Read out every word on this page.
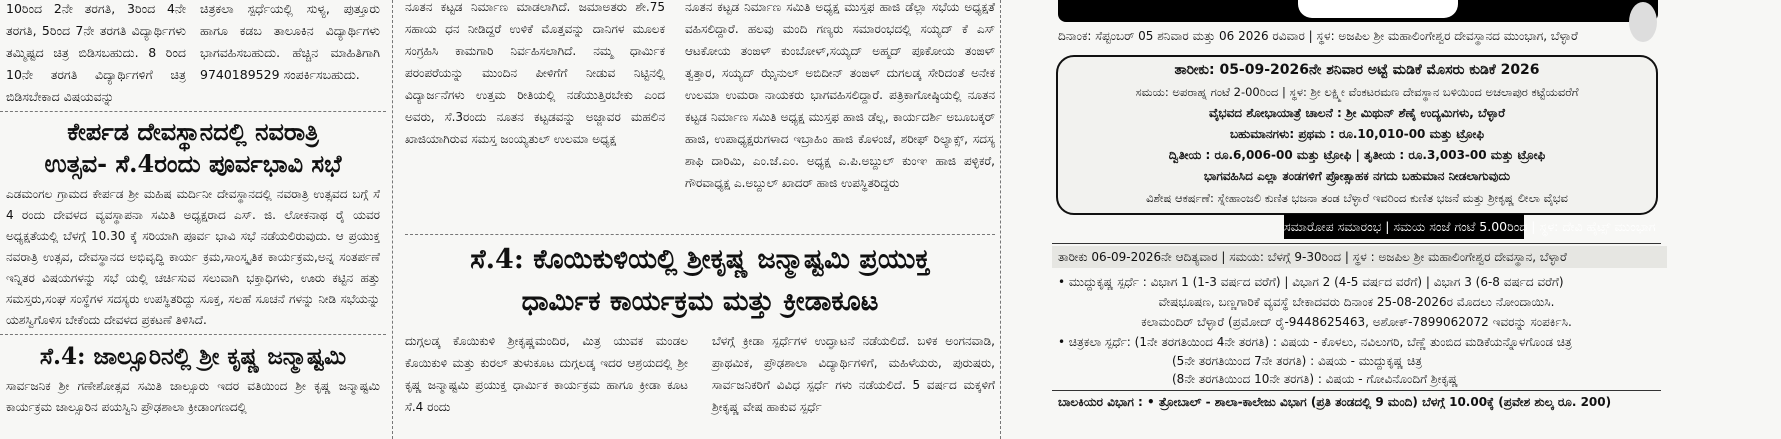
10ರಿಂದ 2ನೇ ತರಗತಿ, 3ರಿಂದ 4ನೇ ತರಗತಿ, 5ರಿಂದ 7ನೇ ತರಗತಿ ವಿದ್ಯಾರ್ಥಿಗಳು ತಮ್ಮಿಷ್ಟದ ಚಿತ್ರ ಬಿಡಿಸಬಹುದು. 8 ರಿಂದ 10ನೇ ತರಗತಿ ವಿದ್ಯಾರ್ಥಿಗಳಿಗೆ ಚಿತ್ರ ಬಿಡಿಸಬೇಕಾದ ವಿಷಯವನ್ನು

ಚಿತ್ರಕಲಾ ಸ್ಪರ್ಧೆಯಲ್ಲಿ ಸುಳ್ಯ, ಪುತ್ತೂರು ಹಾಗೂ ಕಡಬ ತಾಲೂಕಿನ ವಿದ್ಯಾರ್ಥಿಗಳು ಭಾಗವಹಿಸಬಹುದು. ಹೆಚ್ಚಿನ ಮಾಹಿತಿಗಾಗಿ 9740189529 ಸಂಪರ್ಕಿಸಬಹುದು.

ಕೇರ್ಪಡ ದೇವಸ್ಥಾನದಲ್ಲಿ ನವರಾತ್ರಿ
ಉತ್ಸವ- ಸೆ.4ರಂದು ಪೂರ್ವಭಾವಿ ಸಭೆ

ಎಡಮಂಗಲ ಗ್ರಾಮದ ಕೇರ್ಪಡ ಶ್ರೀ ಮಹಿಷ ಮರ್ದಿನೀ ದೇವಸ್ಥಾನದಲ್ಲಿ ನವರಾತ್ರಿ ಉತ್ಸವದ ಬಗ್ಗೆ ಸೆ 4 ರಂದು ದೇವಳದ ವ್ಯವಸ್ಥಾಪನಾ ಸಮಿತಿ ಅಧ್ಯಕ್ಷರಾದ ಎಸ್. ಜಿ. ಲೋಕನಾಥ ರೈ ಯವರ ಅಧ್ಯಕ್ಷತೆಯಲ್ಲಿ ಬೆಳಗ್ಗೆ 10.30 ಕ್ಕೆ ಸರಿಯಾಗಿ ಪೂರ್ವ ಭಾವಿ ಸಭೆ ನಡೆಯಲಿರುವುದು. ಆ ಪ್ರಯುಕ್ತ ನವರಾತ್ರಿ ಉತ್ಸವ, ದೇವಸ್ಥಾನದ ಅಭಿವೃದ್ಧಿ ಕಾರ್ಯ ಕ್ರಮ,ಸಾಂಸ್ಕೃತಿಕ ಕಾರ್ಯಕ್ರಮ,ಅನ್ನ ಸಂತರ್ಪಣೆ ಇನ್ನಿತರ ವಿಷಯಗಳನ್ನು ಸಭೆ ಯಲ್ಲಿ ಚರ್ಚಿಸುವ ಸಲುವಾಗಿ ಭಕ್ತಾಧಿಗಳು, ಊರು ಕಟ್ಟಿನ ಹತ್ತು ಸಮಸ್ತರು,ಸಂಘ ಸಂಸ್ಥೆಗಳ ಸದಸ್ಯರು ಉಪಸ್ಥಿತರಿದ್ದು ಸೂಕ್ತ, ಸಲಹೆ ಸೂಚನೆ ಗಳನ್ನು ನೀಡಿ ಸಭೆಯನ್ನು ಯಶಸ್ವಿಗೊಳಿಸ ಬೇಕೆಂದು ದೇವಳದ ಪ್ರಕಟಣೆ ತಿಳಿಸಿದೆ.

ಸೆ.4: ಜಾಲ್ಸೂರಿನಲ್ಲಿ ಶ್ರೀ ಕೃಷ್ಣ ಜನ್ಮಾಷ್ಟಮಿ

ಸಾರ್ವಜನಿಕ ಶ್ರೀ ಗಣೇಶೋತ್ಸವ ಸಮಿತಿ ಜಾಲ್ಸೂರು ಇದರ ವತಿಯಿಂದ ಶ್ರೀ ಕೃಷ್ಣ ಜನ್ಮಾಷ್ಟಮಿ ಕಾರ್ಯಕ್ರಮ ಜಾಲ್ಸೂರಿನ ಪಯಸ್ವಿನಿ ಪ್ರೌಢಶಾಲಾ ಕ್ರೀಡಾಂಗಣದಲ್ಲಿ

ನೂತನ ಕಟ್ಟಡ ನಿರ್ಮಾಣ ಮಾಡಲಾಗಿದೆ. ಜಮಾಅತರು ಶೇ.75 ಸಹಾಯ ಧನ ನೀಡಿದ್ದರೆ ಉಳಿಕೆ ಮೊತ್ತವನ್ನು ದಾನಿಗಳ ಮೂಲಕ ಸಂಗ್ರಹಿಸಿ ಕಾಮಗಾರಿ ನಿರ್ವಹಿಸಲಾಗಿದೆ. ನಮ್ಮ ಧಾರ್ಮಿಕ ಪರಂಪರೆಯನ್ನು ಮುಂದಿನ ಪೀಳಿಗೆಗೆ ನೀಡುವ ನಿಟ್ಟಿನಲ್ಲಿ ವಿದ್ಯಾರ್ಜನೆಗಳು ಉತ್ತಮ ರೀತಿಯಲ್ಲಿ ನಡೆಯುತ್ತಿರಬೇಕು ಎಂದ ಅವರು, ಸೆ.3ರಂದು ನೂತನ ಕಟ್ಟಡವನ್ನು ಅಜ್ಜಾವರ ಮಹಲಿನ ಖಾಜಿಯಾಗಿರುವ ಸಮಸ್ತ ಜಂಯ್ಯತುಲ್ ಉಲಮಾ ಅಧ್ಯಕ್ಷ

ನೂತನ ಕಟ್ಟಡ ನಿರ್ಮಾಣ ಸಮಿತಿ ಅಧ್ಯಕ್ಷ ಮುಸ್ತಫ ಹಾಜಿ ಡೆಲ್ಲಾ ಸಭೆಯ ಅಧ್ಯಕ್ಷತೆ ವಹಿಸಲಿದ್ದಾರೆ. ಹಲವು ಮಂದಿ ಗಣ್ಯರು ಸಮಾರಂಭದಲ್ಲಿ ಸಯ್ಯದ್ ಕೆ ಎಸ್ ಆಟಕೋಯ ತಂಙಳ್ ಕುಂಬೋಳ್,ಸಯ್ಯದ್ ಅಹ್ಮದ್ ಪೂಕೋಯ ತಂಙಳ್ ತ್ವತ್ತಾರ, ಸಯ್ಯದ್ ಝೈನುಲ್ ಅಬಿದೀನ್ ತಂಙಳ್ ದುಗಲಡ್ಕ ಸೇರಿದಂತೆ ಅನೇಕ ಉಲಮಾ ಉಮರಾ ನಾಯಕರು ಭಾಗವಹಿಸಲಿದ್ದಾರೆ. ಪತ್ರಿಕಾಗೋಷ್ಠಿಯಲ್ಲಿ ನೂತನ ಕಟ್ಟಡ ನಿರ್ಮಾಣ ಸಮಿತಿ ಅಧ್ಯಕ್ಷ ಮುಸ್ತಫ ಹಾಜಿ ಡೆಲ್ಲ, ಕಾರ್ಯದರ್ಶಿ ಅಬೂಬಕ್ಕರ್ ಹಾಜಿ, ಉಪಾಧ್ಯಕ್ಷರುಗಳಾದ ಇಬ್ರಾಹಿಂ ಹಾಜಿ ಕೊಳಂಜೆ, ಶರೀಫ್ ರಿಲ್ಯಾಕ್ಸ್, ಸದಸ್ಯ ಶಾಫಿ ದಾರಿಮಿ, ಎಂ.ಜೆ.ಎಂ. ಅಧ್ಯಕ್ಷ ಎ.ಪಿ.ಅಬ್ದುಲ್ ಕುಂಞ ಹಾಜಿ ಪಳ್ಳಿಕರೆ, ಗೌರವಾಧ್ಯಕ್ಷ ಎ.ಅಬ್ದುಲ್ ಖಾದರ್ ಹಾಜಿ ಉಪಸ್ಥಿತರಿದ್ದರು

ಸೆ.4: ಕೊಯಿಕುಳಿಯಲ್ಲಿ ಶ್ರೀಕೃಷ್ಣ ಜನ್ಮಾಷ್ಟಮಿ ಪ್ರಯುಕ್ತ
ಧಾರ್ಮಿಕ ಕಾರ್ಯಕ್ರಮ ಮತ್ತು ಕ್ರೀಡಾಕೂಟ

ದುಗ್ಗಲಡ್ಕ ಕೊಯಿಕುಳಿ ಶ್ರೀಕೃಷ್ಣಮಂದಿರ, ಮಿತ್ರ ಯುವಕ ಮಂಡಲ ಕೊಯಿಕುಳಿ ಮತ್ತು ಕುರಲ್ ತುಳುಕೂಟ ದುಗ್ಗಲಡ್ಕ ಇದರ ಆಶ್ರಯದಲ್ಲಿ ಶ್ರೀ ಕೃಷ್ಣ ಜನ್ಮಾಷ್ಟಮಿ ಪ್ರಯುಕ್ತ ಧಾರ್ಮಿಕ ಕಾರ್ಯಕ್ರಮ ಹಾಗೂ ಕ್ರೀಡಾ ಕೂಟ ಸೆ.4 ರಂದು

ಬೆಳಗ್ಗೆ ಕ್ರೀಡಾ ಸ್ಪರ್ಧೆಗಳ ಉದ್ಘಾಟನೆ ನಡೆಯಲಿದೆ. ಬಳಿಕ ಅಂಗನವಾಡಿ, ಪ್ರಾಥಮಿಕ, ಪ್ರೌಢಶಾಲಾ ವಿದ್ಯಾರ್ಥಿಗಳಿಗೆ, ಮಹಿಳೆಯರು, ಪುರುಷರು, ಸಾರ್ವಜನಿಕರಿಗೆ ವಿವಿಧ ಸ್ಪರ್ಧೆ ಗಳು ನಡೆಯಲಿದೆ. 5 ವರ್ಷದ ಮಕ್ಕಳಿಗೆ ಶ್ರೀಕೃಷ್ಣ ವೇಷ ಹಾಕುವ ಸ್ಪರ್ಧೆ

ದಿನಾಂಕ: ಸೆಪ್ಟಂಬರ್ 05 ಶನಿವಾರ ಮತ್ತು 06 2026 ರವಿವಾರ | ಸ್ಥಳ: ಅಜಪಿಲ ಶ್ರೀ ಮಹಾಲಿಂಗೇಶ್ವರ ದೇವಸ್ಥಾನದ ಮುಂಭಾಗ, ಬೆಳ್ಳಾರೆ
ತಾರೀಕು: 05-09-2026ನೇ ಶನಿವಾರ ಅಟ್ಟೆ ಮಡಿಕೆ ಮೊಸರು ಕುಡಿಕೆ 2026
ಸಮಯ: ಅಪರಾಹ್ನ ಗಂಟೆ 2-00ರಿಂದ | ಸ್ಥಳ: ಶ್ರೀ ಲಕ್ಷ್ಮೀ ವೆಂಕಟರಮಣ ದೇವಸ್ಥಾನ ಬಳಿಯಿಂದ ಅಚಲಾಪುರ ಕಟ್ಟೆಯವರೆಗೆ
ವೈಭವದ ಶೋಭಾಯಾತ್ರೆ ಚಾಲನೆ : ಶ್ರೀ ಮಿಥುನ್ ಶೆಣೈ ಉದ್ಯಮಿಗಳು, ಬೆಳ್ಳಾರೆ
ಬಹುಮಾನಗಳು: ಪ್ರಥಮ : ರೂ.10,010-00 ಮತ್ತು ಟ್ರೋಫಿ
ದ್ವಿತೀಯ : ರೂ.6,006-00 ಮತ್ತು ಟ್ರೋಫಿ | ತೃತೀಯ : ರೂ.3,003-00 ಮತ್ತು ಟ್ರೋಫಿ
ಭಾಗವಹಿಸಿದ ಎಲ್ಲಾ ತಂಡಗಳಿಗೆ ಪ್ರೋತ್ಸಾಹಕ ನಗದು ಬಹುಮಾನ ನೀಡಲಾಗುವುದು
ವಿಶೇಷ ಆಕರ್ಷಣೆ: ಸ್ನೇಹಾಂಜಲಿ ಕುಣಿತ ಭಜನಾ ತಂಡ ಬೆಳ್ಳಾರೆ ಇವರಿಂದ ಕುಣಿತ ಭಜನೆ ಮತ್ತು ಶ್ರೀಕೃಷ್ಣ ಲೀಲಾ ವೈಭವ
ಸಮಾರೋಪ ಸಮಾರಂಭ | ಸಮಯ ಸಂಜೆ ಗಂಟೆ 5.00ರಿಂದ | ಸ್ಥಳ: ದೇವಿ ಹೈಟ್ಸ್ ಮುಂಭಾಗ
ತಾರೀಕು 06-09-2026ನೇ ಆದಿತ್ಯವಾರ | ಸಮಯ: ಬೆಳಗ್ಗೆ 9-30ರಿಂದ | ಸ್ಥಳ : ಅಜಪಿಲ ಶ್ರೀ ಮಹಾಲಿಂಗೇಶ್ವರ ದೇವಸ್ಥಾನ, ಬೆಳ್ಳಾರೆ
• ಮುದ್ದುಕೃಷ್ಣ ಸ್ಪರ್ಧೆ : ವಿಭಾಗ 1 (1-3 ವರ್ಷದ ವರೆಗೆ) | ವಿಭಾಗ 2 (4-5 ವರ್ಷದ ವರೆಗೆ) | ವಿಭಾಗ 3 (6-8 ವರ್ಷದ ವರೆಗೆ)
ವೇಷಭೂಷಣ, ಬಣ್ಣಗಾರಿಕೆ ವ್ಯವಸ್ಥೆ ಬೇಕಾದವರು ದಿನಾಂಕ 25-08-2026ರ ಮೊದಲು ನೋಂದಾಯಿಸಿ.
ಕಲಾಮಂದಿರ್ ಬೆಳ್ಳಾರೆ (ಪ್ರಮೋದ್ ರೈ-9448625463, ಅಶೋಕ್-7899062072 ಇವರನ್ನು ಸಂಪರ್ಕಿಸಿ.
• ಚಿತ್ರಕಲಾ ಸ್ಪರ್ಧೆ: (1ನೇ ತರಗತಿಯಿಂದ 4ನೇ ತರಗತಿ) : ವಿಷಯ - ಕೊಳಲು, ನವಿಲುಗರಿ, ಬೆಣ್ಣೆ ತುಂಬಿದ ಮಡಿಕೆಯನ್ನೊಳಗೊಂಡ ಚಿತ್ರ
(5ನೇ ತರಗತಿಯಿಂದ 7ನೇ ತರಗತಿ) : ವಿಷಯ - ಮುದ್ದುಕೃಷ್ಣ ಚಿತ್ರ
(8ನೇ ತರಗತಿಯಿಂದ 10ನೇ ತರಗತಿ) : ವಿಷಯ - ಗೋವಿನೊಂದಿಗೆ ಶ್ರೀಕೃಷ್ಣ
ಬಾಲಕಿಯರ ವಿಭಾಗ : • ತ್ರೋಬಾಲ್ - ಶಾಲಾ-ಕಾಲೇಜು ವಿಭಾಗ (ಪ್ರತಿ ತಂಡದಲ್ಲಿ 9 ಮಂದಿ) ಬೆಳಗ್ಗೆ 10.00ಕ್ಕೆ (ಪ್ರವೇಶ ಶುಲ್ಕ ರೂ. 200)
